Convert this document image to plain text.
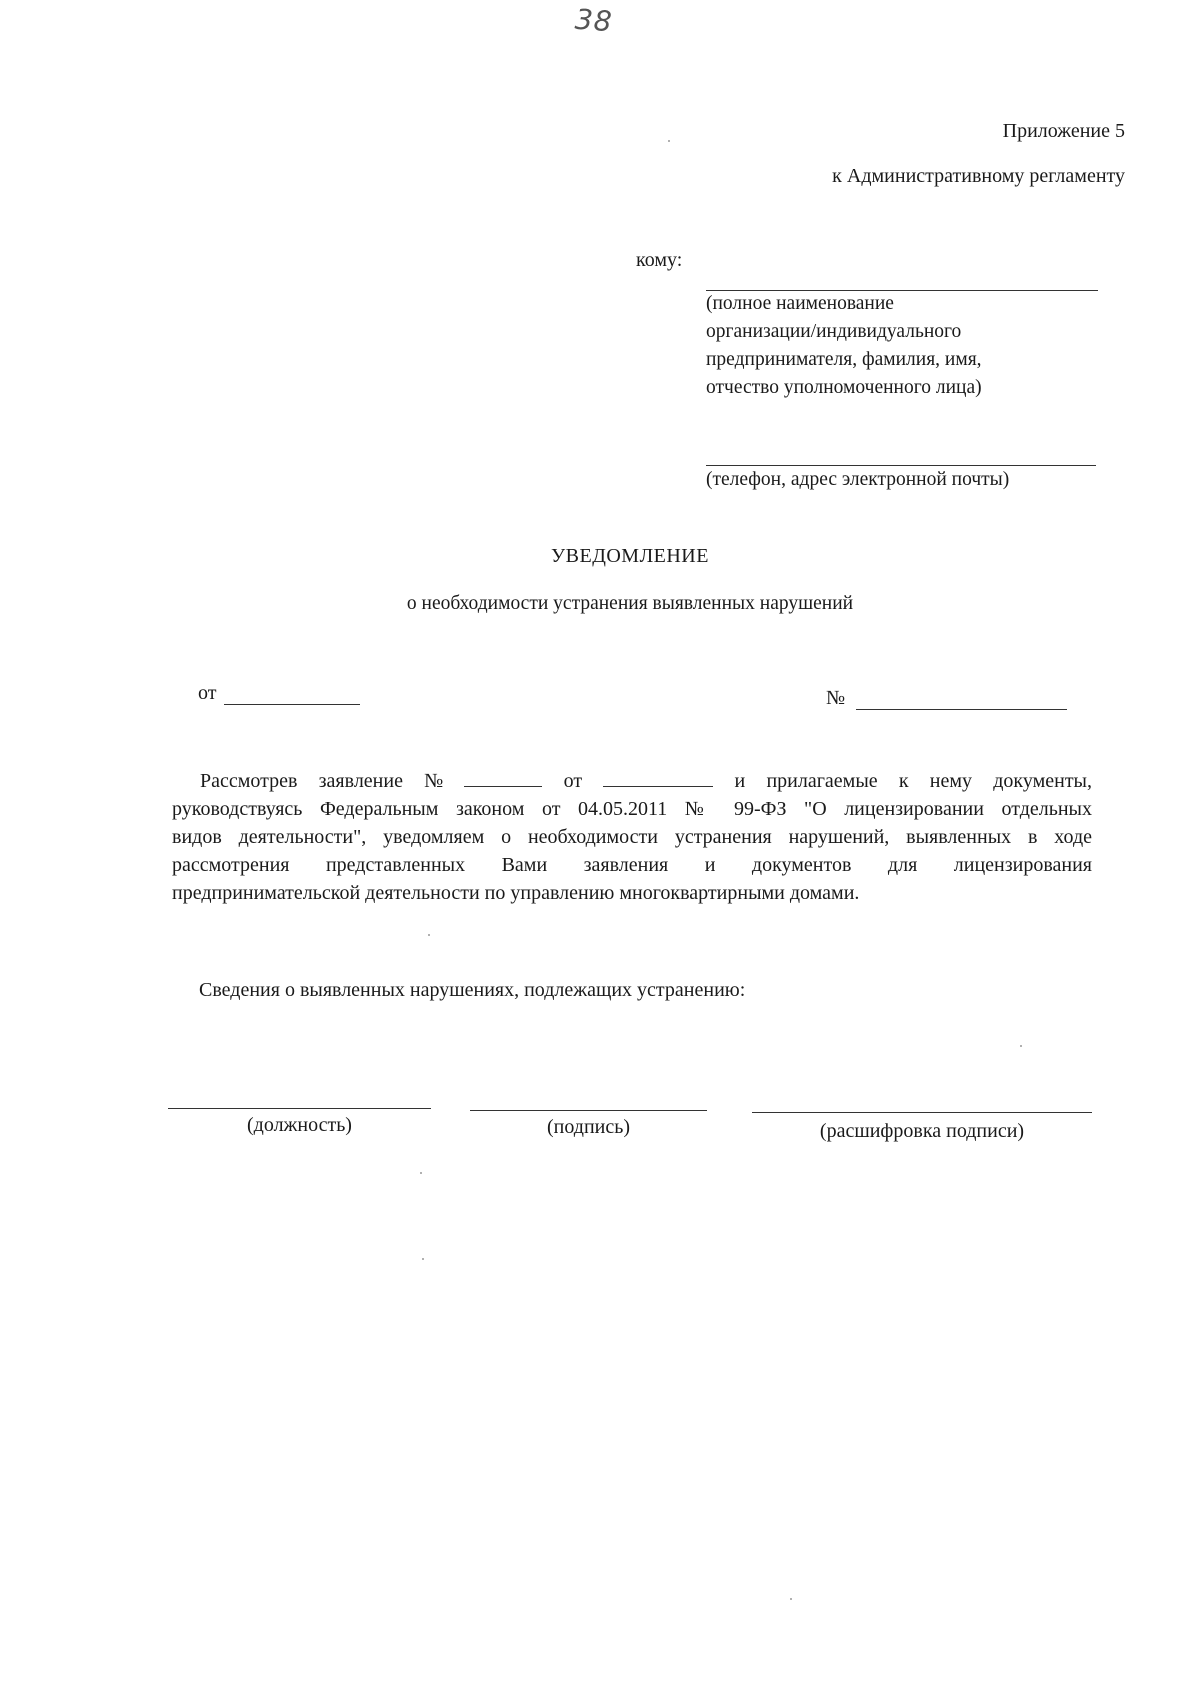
38
Приложение 5
к Административному регламенту
кому:
(полное наименование
организации/индивидуального
предпринимателя, фамилия, имя,
отчество уполномоченного лица)
(телефон, адрес электронной почты)
УВЕДОМЛЕНИЕ
о необходимости устранения выявленных нарушений
от	№
Рассмотрев заявление №	от	и прилагаемые к нему документы,
руководствуясь Федеральным законом от 04.05.2011 № 99-ФЗ "О лицензировании отдельных
видов деятельности", уведомляем о необходимости устранения нарушений, выявленных в ходе
рассмотрения представленных Вами заявления и документов для лицензирования
предпринимательской деятельности по управлению многоквартирными домами.
Сведения о выявленных нарушениях, подлежащих устранению:
(должность)	(подпись)	(расшифровка подписи)
